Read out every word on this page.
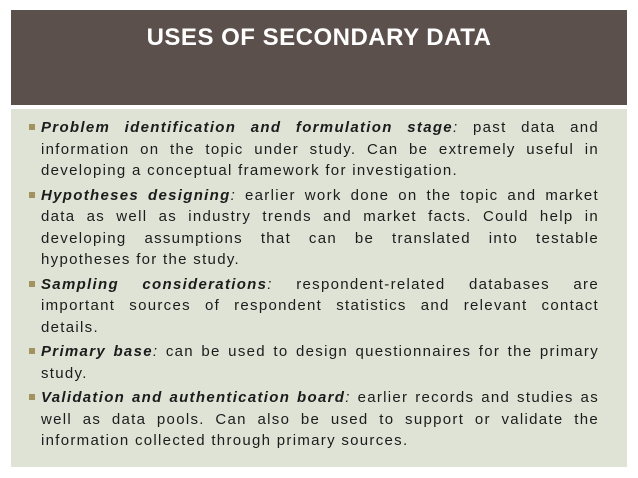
USES OF SECONDARY DATA
Problem identification and formulation stage: past data and information on the topic under study. Can be extremely useful in developing a conceptual framework for investigation.
Hypotheses designing: earlier work done on the topic and market data as well as industry trends and market facts. Could help in developing assumptions that can be translated into testable hypotheses for the study.
Sampling considerations: respondent-related databases are important sources of respondent statistics and relevant contact details.
Primary base: can be used to design questionnaires for the primary study.
Validation and authentication board: earlier records and studies as well as data pools. Can also be used to support or validate the information collected through primary sources.
